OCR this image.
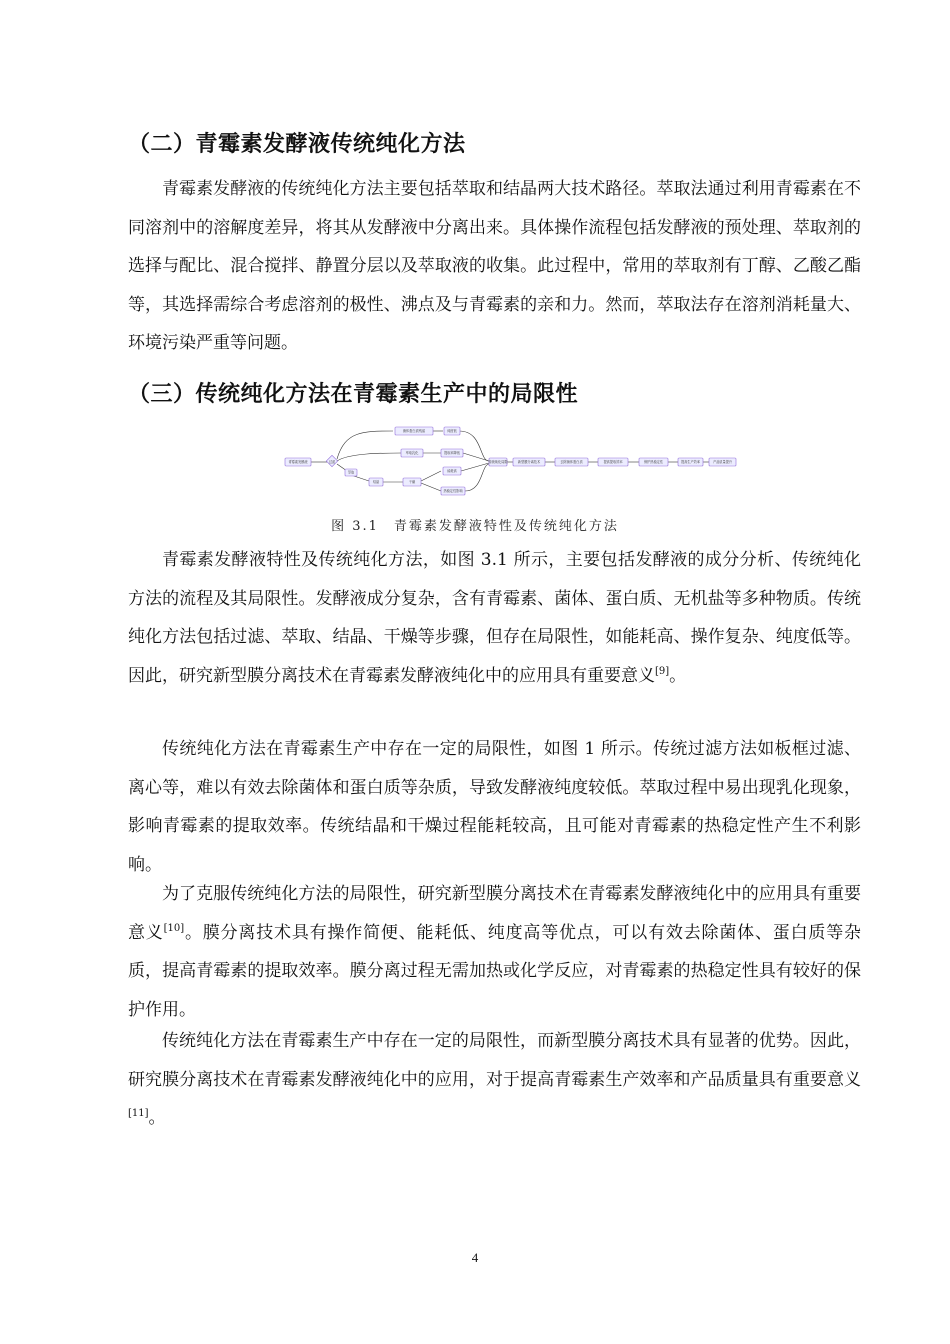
（二）青霉素发酵液传统纯化方法

青霉素发酵液的传统纯化方法主要包括萃取和结晶两大技术路径。萃取法通过利用青霉素在不同溶剂中的溶解度差异，将其从发酵液中分离出来。具体操作流程包括发酵液的预处理、萃取剂的选择与配比、混合搅拌、静置分层以及萃取液的收集。此过程中，常用的萃取剂有丁醇、乙酸乙酯等，其选择需综合考虑溶剂的极性、沸点及与青霉素的亲和力。然而，萃取法存在溶剂消耗量大、环境污染严重等问题。

（三）传统纯化方法在青霉素生产中的局限性
青霉素发酵液	过滤
菌体蛋白质残留	纯度低
萃取乳化	提取率降低
萃取
结晶	干燥
能耗高
热稳定性影响
传统纯化局限	新型膜分离技术	去除菌体蛋白质	提高提取效率	保护热稳定性	提高生产效率	产品质量提升
图 3.1　青霉素发酵液特性及传统纯化方法

青霉素发酵液特性及传统纯化方法，如图 3.1 所示，主要包括发酵液的成分分析、传统纯化方法的流程及其局限性。发酵液成分复杂，含有青霉素、菌体、蛋白质、无机盐等多种物质。传统纯化方法包括过滤、萃取、结晶、干燥等步骤，但存在局限性，如能耗高、操作复杂、纯度低等。因此，研究新型膜分离技术在青霉素发酵液纯化中的应用具有重要意义[9]。

传统纯化方法在青霉素生产中存在一定的局限性，如图 1 所示。传统过滤方法如板框过滤、离心等，难以有效去除菌体和蛋白质等杂质，导致发酵液纯度较低。萃取过程中易出现乳化现象，影响青霉素的提取效率。传统结晶和干燥过程能耗较高，且可能对青霉素的热稳定性产生不利影响。

为了克服传统纯化方法的局限性，研究新型膜分离技术在青霉素发酵液纯化中的应用具有重要意义[10]。膜分离技术具有操作简便、能耗低、纯度高等优点，可以有效去除菌体、蛋白质等杂质，提高青霉素的提取效率。膜分离过程无需加热或化学反应，对青霉素的热稳定性具有较好的保护作用。

传统纯化方法在青霉素生产中存在一定的局限性，而新型膜分离技术具有显著的优势。因此，研究膜分离技术在青霉素发酵液纯化中的应用，对于提高青霉素生产效率和产品质量具有重要意义[11]。

4
